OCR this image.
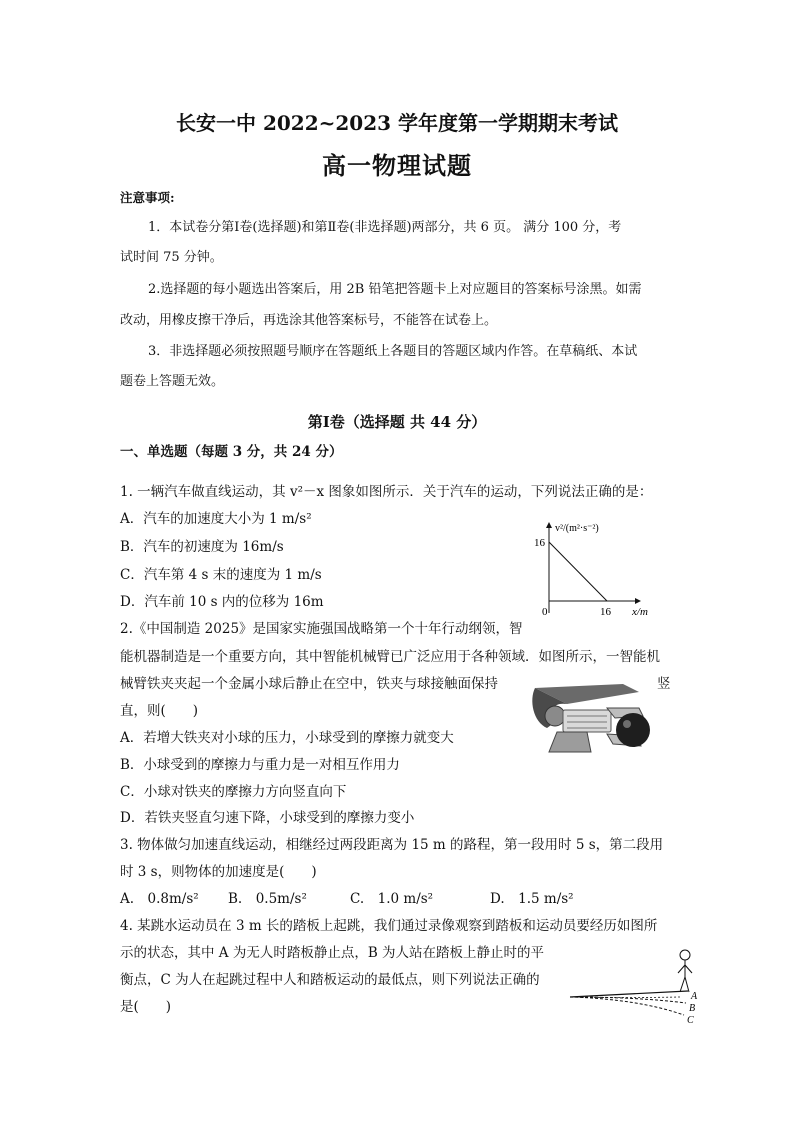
长安一中 2022~2023 学年度第一学期期末考试
高一物理试题
注意事项:
1．本试卷分第Ⅰ卷(选择题)和第Ⅱ卷(非选择题)两部分，共 6 页。 满分 100 分，考
试时间 75 分钟。
2.选择题的每小题选出答案后，用 2B 铅笔把答题卡上对应题目的答案标号涂黑。如需
改动，用橡皮擦干净后，再选涂其他答案标号，不能答在试卷上。
3．非选择题必须按照题号顺序在答题纸上各题目的答题区域内作答。在草稿纸、本试
题卷上答题无效。
第Ⅰ卷（选择题 共 44 分）
一、单选题（每题 3 分，共 24 分）
1. 一辆汽车做直线运动，其 v²－x 图象如图所示．关于汽车的运动，下列说法正确的是：
A．汽车的加速度大小为 1 m/s²
B．汽车的初速度为 16m/s
C．汽车第 4 s 末的速度为 1 m/s
D．汽车前 10 s 内的位移为 16m
v²/(m²·s⁻²)
16
0	16 x/m
2.《中国制造 2025》是国家实施强国战略第一个十年行动纲领，智
能机器制造是一个重要方向，其中智能机械臂已广泛应用于各种领域．如图所示，一智能机
械臂铁夹夹起一个金属小球后静止在空中，铁夹与球接触面保持	竖
直，则(　　)
A．若增大铁夹对小球的压力，小球受到的摩擦力就变大
B．小球受到的摩擦力与重力是一对相互作用力
C．小球对铁夹的摩擦力方向竖直向下
D．若铁夹竖直匀速下降，小球受到的摩擦力变小
3. 物体做匀加速直线运动，相继经过两段距离为 15 m 的路程，第一段用时 5 s，第二段用
时 3 s，则物体的加速度是(　　)
A.　0.8m/s² B.　0.5m/s²	C.　1.0 m/s²	D.　1.5 m/s²
4. 某跳水运动员在 3 m 长的踏板上起跳，我们通过录像观察到踏板和运动员要经历如图所
示的状态，其中 A 为无人时踏板静止点，B 为人站在踏板上静止时的平
衡点，C 为人在起跳过程中人和踏板运动的最低点，则下列说法正确的
是(　　)
A
B
C
